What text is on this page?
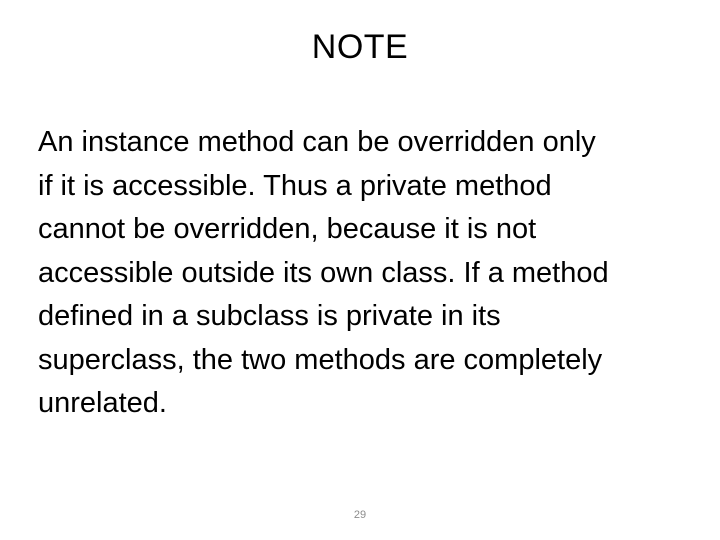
NOTE
An instance method can be overridden only
if it is accessible. Thus a private method
cannot be overridden, because it is not
accessible outside its own class. If a method
defined in a subclass is private in its
superclass, the two methods are completely
unrelated.
29
